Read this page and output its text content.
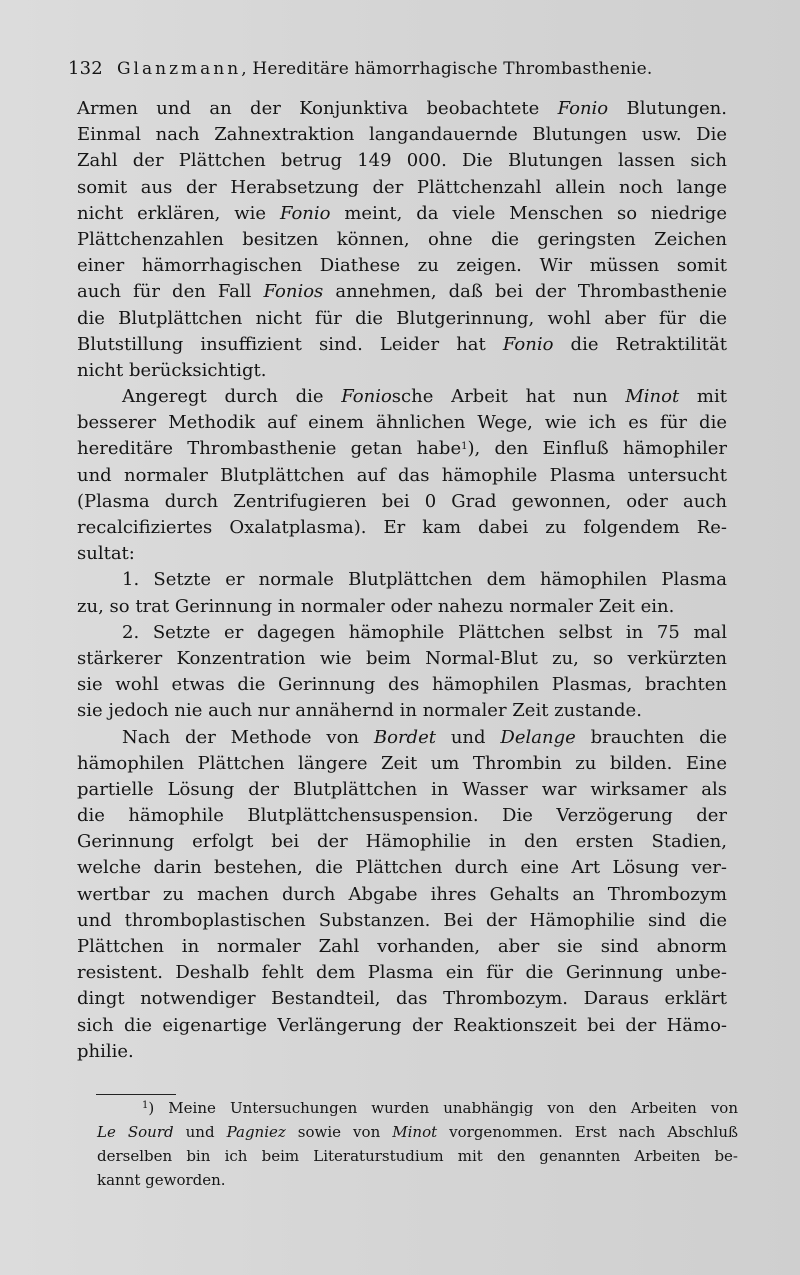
132 Glanzmann, Hereditäre hämorrhagische Thrombasthenie.
Armen und an der Konjunktiva beobachtete Fonio Blutungen.
Einmal nach Zahnextraktion langandauernde Blutungen usw. Die
Zahl der Plättchen betrug 149 000. Die Blutungen lassen sich
somit aus der Herabsetzung der Plättchenzahl allein noch lange
nicht erklären, wie Fonio meint, da viele Menschen so niedrige
Plättchenzahlen besitzen können, ohne die geringsten Zeichen
einer hämorrhagischen Diathese zu zeigen. Wir müssen somit
auch für den Fall Fonios annehmen, daß bei der Thrombasthenie
die Blutplättchen nicht für die Blutgerinnung, wohl aber für die
Blutstillung insuffizient sind. Leider hat Fonio die Retraktilität
nicht berücksichtigt.
Angeregt durch die Foniosche Arbeit hat nun Minot mit
besserer Methodik auf einem ähnlichen Wege, wie ich es für die
hereditäre Thrombasthenie getan habe$^1$), den Einfluß hämophiler
und normaler Blutplättchen auf das hämophile Plasma untersucht
(Plasma durch Zentrifugieren bei 0 Grad gewonnen, oder auch
recalcifiziertes Oxalatplasma). Er kam dabei zu folgendem Re-
sultat:
1. Setzte er normale Blutplättchen dem hämophilen Plasma
zu, so trat Gerinnung in normaler oder nahezu normaler Zeit ein.
2. Setzte er dagegen hämophile Plättchen selbst in 75 mal
stärkerer Konzentration wie beim Normal-Blut zu, so verkürzten
sie wohl etwas die Gerinnung des hämophilen Plasmas, brachten
sie jedoch nie auch nur annähernd in normaler Zeit zustande.
Nach der Methode von Bordet und Delange brauchten die
hämophilen Plättchen längere Zeit um Thrombin zu bilden. Eine
partielle Lösung der Blutplättchen in Wasser war wirksamer als
die hämophile Blutplättchensuspension. Die Verzögerung der
Gerinnung erfolgt bei der Hämophilie in den ersten Stadien,
welche darin bestehen, die Plättchen durch eine Art Lösung ver-
wertbar zu machen durch Abgabe ihres Gehalts an Thrombozym
und thromboplastischen Substanzen. Bei der Hämophilie sind die
Plättchen in normaler Zahl vorhanden, aber sie sind abnorm
resistent. Deshalb fehlt dem Plasma ein für die Gerinnung unbe-
dingt notwendiger Bestandteil, das Thrombozym. Daraus erklärt
sich die eigenartige Verlängerung der Reaktionszeit bei der Hämo-
philie.
$^1$) Meine Untersuchungen wurden unabhängig von den Arbeiten von
Le Sourd und Pagniez sowie von Minot vorgenommen. Erst nach Abschluß
derselben bin ich beim Literaturstudium mit den genannten Arbeiten be-
kannt geworden.
